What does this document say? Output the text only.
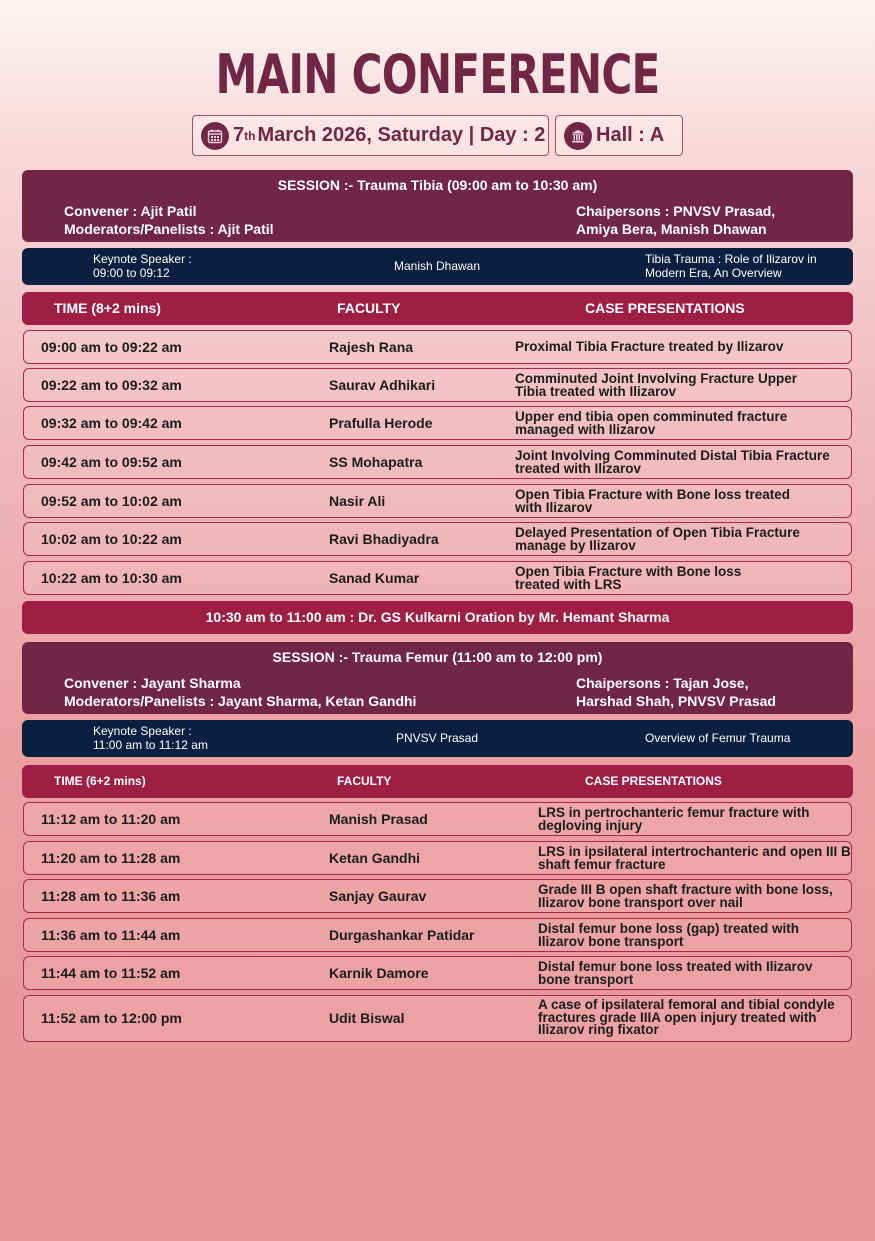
MAIN CONFERENCE
7 th March 2026, Saturday | Day : 2	Hall : A
SESSION :- Trauma Tibia (09:00 am to 10:30 am)
Convener : Ajit Patil
Moderators/Panelists : Ajit Patil
Chaipersons : PNVSV Prasad,
Amiya Bera, Manish Dhawan
Keynote Speaker :
09:00 to 09:12	Manish Dhawan	Tibia Trauma : Role of Ilizarov in
Modern Era, An Overview
TIME (8+2 mins)	FACULTY	CASE PRESENTATIONS
09:00 am to 09:22 am	Rajesh Rana	Proximal Tibia Fracture treated by Ilizarov
09:22 am to 09:32 am	Saurav Adhikari	Comminuted Joint Involving Fracture Upper
Tibia treated with Ilizarov
09:32 am to 09:42 am	Prafulla Herode	Upper end tibia open comminuted fracture
managed with Ilizarov
09:42 am to 09:52 am	SS Mohapatra	Joint Involving Comminuted Distal Tibia Fracture
treated with Ilizarov
09:52 am to 10:02 am	Nasir Ali	Open Tibia Fracture with Bone loss treated
with Ilizarov
10:02 am to 10:22 am	Ravi Bhadiyadra	Delayed Presentation of Open Tibia Fracture
manage by Ilizarov
10:22 am to 10:30 am	Sanad Kumar	Open Tibia Fracture with Bone loss
treated with LRS
10:30 am to 11:00 am : Dr. GS Kulkarni Oration by Mr. Hemant Sharma
SESSION :- Trauma Femur (11:00 am to 12:00 pm)
Convener : Jayant Sharma
Moderators/Panelists : Jayant Sharma, Ketan Gandhi
Chaipersons : Tajan Jose,
Harshad Shah, PNVSV Prasad
Keynote Speaker :
11:00 am to 11:12 am	PNVSV Prasad	Overview of Femur Trauma
TIME (6+2 mins)	FACULTY	CASE PRESENTATIONS
11:12 am to 11:20 am	Manish Prasad	LRS in pertrochanteric femur fracture with
degloving injury
11:20 am to 11:28 am	Ketan Gandhi	LRS in ipsilateral intertrochanteric and open III B
shaft femur fracture
11:28 am to 11:36 am	Sanjay Gaurav	Grade III B open shaft fracture with bone loss,
Ilizarov bone transport over nail
11:36 am to 11:44 am	Durgashankar Patidar	Distal femur bone loss (gap) treated with
Ilizarov bone transport
11:44 am to 11:52 am	Karnik Damore	Distal femur bone loss treated with Ilizarov
bone transport
11:52 am to 12:00 pm	Udit Biswal
A case of ipsilateral femoral and tibial condyle
fractures grade IIIA open injury treated with
Ilizarov ring fixator
